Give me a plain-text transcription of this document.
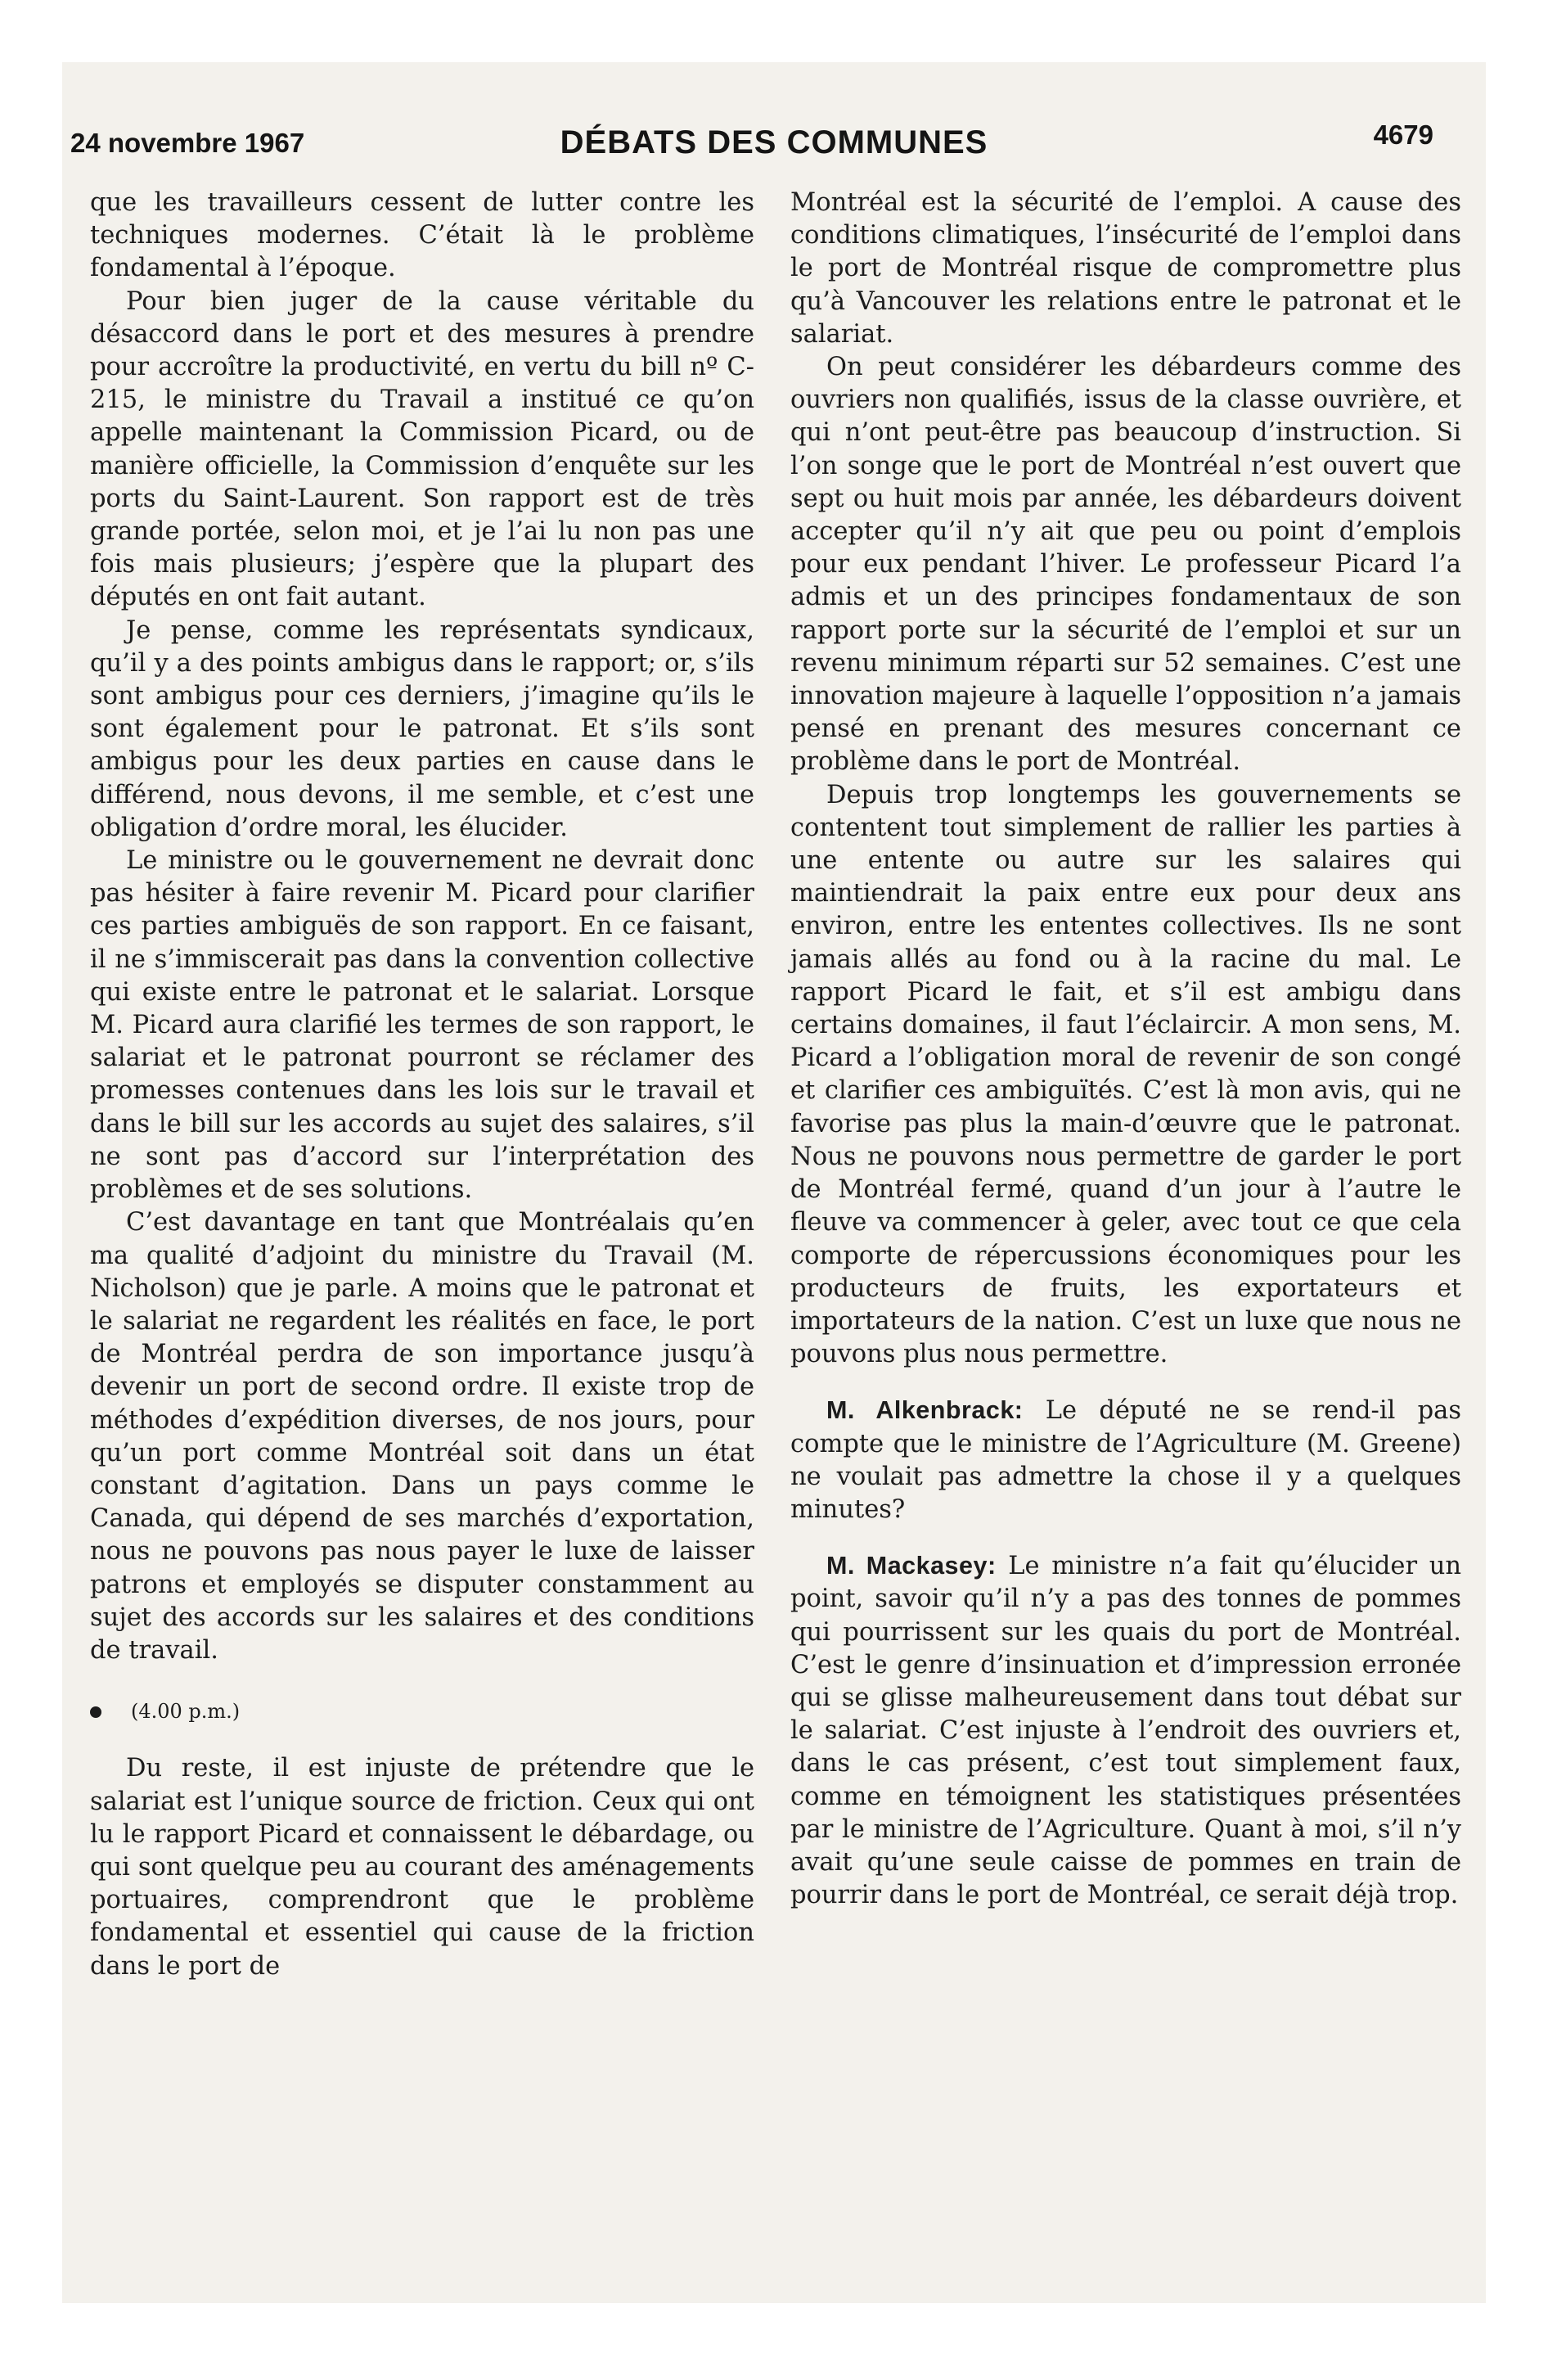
24 novembre 1967	DÉBATS DES COMMUNES	4679

que les travailleurs cessent de lutter contre les techniques modernes. C’était là le problème fondamental à l’époque.

Pour bien juger de la cause véritable du désaccord dans le port et des mesures à prendre pour accroître la productivité, en vertu du bill nº C-215, le ministre du Travail a institué ce qu’on appelle maintenant la Commission Picard, ou de manière officielle, la Commission d’enquête sur les ports du Saint-Laurent. Son rapport est de très grande portée, selon moi, et je l’ai lu non pas une fois mais plusieurs; j’espère que la plupart des députés en ont fait autant.

Je pense, comme les représentats syndicaux, qu’il y a des points ambigus dans le rapport; or, s’ils sont ambigus pour ces derniers, j’imagine qu’ils le sont également pour le patronat. Et s’ils sont ambigus pour les deux parties en cause dans le différend, nous devons, il me semble, et c’est une obligation d’ordre moral, les élucider.

Le ministre ou le gouvernement ne devrait donc pas hésiter à faire revenir M. Picard pour clarifier ces parties ambiguës de son rapport. En ce faisant, il ne s’immiscerait pas dans la convention collective qui existe entre le patronat et le salariat. Lorsque M. Picard aura clarifié les termes de son rapport, le salariat et le patronat pourront se réclamer des promesses contenues dans les lois sur le travail et dans le bill sur les accords au sujet des salaires, s’il ne sont pas d’accord sur l’interprétation des problèmes et de ses solutions.

C’est davantage en tant que Montréalais qu’en ma qualité d’adjoint du ministre du Travail (M. Nicholson) que je parle. A moins que le patronat et le salariat ne regardent les réalités en face, le port de Montréal perdra de son importance jusqu’à devenir un port de second ordre. Il existe trop de méthodes d’expédition diverses, de nos jours, pour qu’un port comme Montréal soit dans un état constant d’agitation. Dans un pays comme le Canada, qui dépend de ses marchés d’exportation, nous ne pouvons pas nous payer le luxe de laisser patrons et employés se disputer constamment au sujet des accords sur les salaires et des conditions de travail.

(4.00 p.m.)

Du reste, il est injuste de prétendre que le salariat est l’unique source de friction. Ceux qui ont lu le rapport Picard et connaissent le débardage, ou qui sont quelque peu au courant des aménagements portuaires, comprendront que le problème fondamental et essentiel qui cause de la friction dans le port de

Montréal est la sécurité de l’emploi. A cause des conditions climatiques, l’insécurité de l’emploi dans le port de Montréal risque de compromettre plus qu’à Vancouver les relations entre le patronat et le salariat.

On peut considérer les débardeurs comme des ouvriers non qualifiés, issus de la classe ouvrière, et qui n’ont peut-être pas beaucoup d’instruction. Si l’on songe que le port de Montréal n’est ouvert que sept ou huit mois par année, les débardeurs doivent accepter qu’il n’y ait que peu ou point d’emplois pour eux pendant l’hiver. Le professeur Picard l’a admis et un des principes fondamentaux de son rapport porte sur la sécurité de l’emploi et sur un revenu minimum réparti sur 52 semaines. C’est une innovation majeure à laquelle l’opposition n’a jamais pensé en prenant des mesures concernant ce problème dans le port de Montréal.

Depuis trop longtemps les gouvernements se contentent tout simplement de rallier les parties à une entente ou autre sur les salaires qui maintiendrait la paix entre eux pour deux ans environ, entre les ententes collectives. Ils ne sont jamais allés au fond ou à la racine du mal. Le rapport Picard le fait, et s’il est ambigu dans certains domaines, il faut l’éclaircir. A mon sens, M. Picard a l’obligation moral de revenir de son congé et clarifier ces ambiguïtés. C’est là mon avis, qui ne favorise pas plus la main-d’œuvre que le patronat. Nous ne pouvons nous permettre de garder le port de Montréal fermé, quand d’un jour à l’autre le fleuve va commencer à geler, avec tout ce que cela comporte de répercussions économiques pour les producteurs de fruits, les exportateurs et importateurs de la nation. C’est un luxe que nous ne pouvons plus nous permettre.

M. Alkenbrack: Le député ne se rend-il pas compte que le ministre de l’Agriculture (M. Greene) ne voulait pas admettre la chose il y a quelques minutes?

M. Mackasey: Le ministre n’a fait qu’élucider un point, savoir qu’il n’y a pas des tonnes de pommes qui pourrissent sur les quais du port de Montréal. C’est le genre d’insinuation et d’impression erronée qui se glisse malheureusement dans tout débat sur le salariat. C’est injuste à l’endroit des ouvriers et, dans le cas présent, c’est tout simplement faux, comme en témoignent les statistiques présentées par le ministre de l’Agriculture. Quant à moi, s’il n’y avait qu’une seule caisse de pommes en train de pourrir dans le port de Montréal, ce serait déjà trop.
